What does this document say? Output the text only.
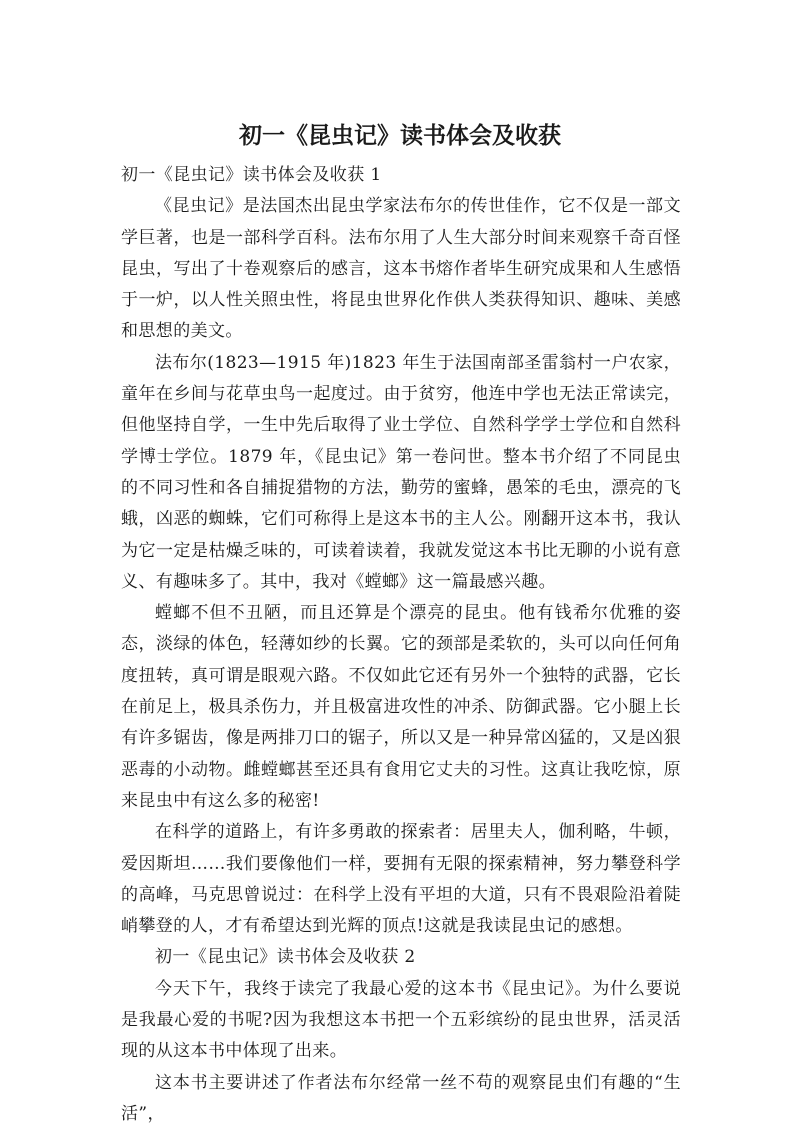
初一《昆虫记》读书体会及收获

初一《昆虫记》读书体会及收获 1

《昆虫记》是法国杰出昆虫学家法布尔的传世佳作，它不仅是一部文学巨著，也是一部科学百科。法布尔用了人生大部分时间来观察千奇百怪昆虫，写出了十卷观察后的感言，这本书熔作者毕生研究成果和人生感悟于一炉，以人性关照虫性，将昆虫世界化作供人类获得知识、趣味、美感和思想的美文。

法布尔(1823—1915 年)1823 年生于法国南部圣雷翁村一户农家，童年在乡间与花草虫鸟一起度过。由于贫穷，他连中学也无法正常读完，但他坚持自学，一生中先后取得了业士学位、自然科学学士学位和自然科学博士学位。1879 年，《昆虫记》第一卷问世。整本书介绍了不同昆虫的不同习性和各自捕捉猎物的方法，勤劳的蜜蜂，愚笨的毛虫，漂亮的飞蛾，凶恶的蜘蛛，它们可称得上是这本书的主人公。刚翻开这本书，我认为它一定是枯燥乏味的，可读着读着，我就发觉这本书比无聊的小说有意义、有趣味多了。其中，我对《螳螂》这一篇最感兴趣。

螳螂不但不丑陋，而且还算是个漂亮的昆虫。他有钱希尔优雅的姿态，淡绿的体色，轻薄如纱的长翼。它的颈部是柔软的，头可以向任何角度扭转，真可谓是眼观六路。不仅如此它还有另外一个独特的武器，它长在前足上，极具杀伤力，并且极富进攻性的冲杀、防御武器。它小腿上长有许多锯齿，像是两排刀口的锯子，所以又是一种异常凶猛的，又是凶狠恶毒的小动物。雌螳螂甚至还具有食用它丈夫的习性。这真让我吃惊，原来昆虫中有这么多的秘密!

在科学的道路上，有许多勇敢的探索者：居里夫人，伽利略，牛顿，爱因斯坦……我们要像他们一样，要拥有无限的探索精神，努力攀登科学的高峰，马克思曾说过：在科学上没有平坦的大道，只有不畏艰险沿着陡峭攀登的人，才有希望达到光辉的顶点!这就是我读昆虫记的感想。

初一《昆虫记》读书体会及收获 2

今天下午，我终于读完了我最心爱的这本书《昆虫记》。为什么要说是我最心爱的书呢?因为我想这本书把一个五彩缤纷的昆虫世界，活灵活现的从这本书中体现了出来。

这本书主要讲述了作者法布尔经常一丝不苟的观察昆虫们有趣的“生活”，
